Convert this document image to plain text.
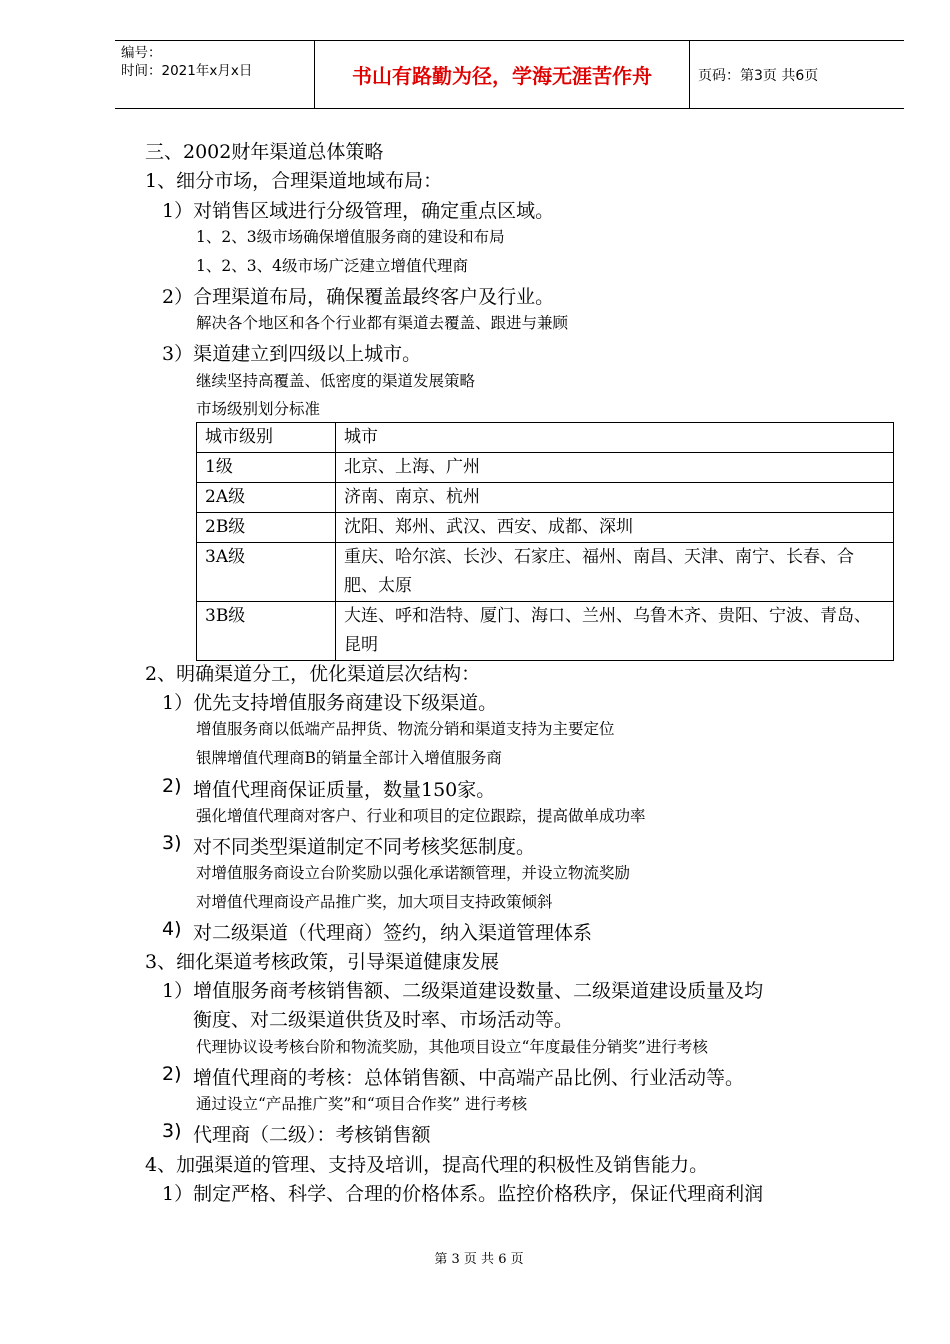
编号：
时间：2021年x月x日	书山有路勤为径，学海无涯苦作舟	页码：第3页 共6页
三、2002财年渠道总体策略
1、细分市场，合理渠道地域布局：
1）对销售区域进行分级管理，确定重点区域。
1、2、3级市场确保增值服务商的建设和布局
1、2、3、4级市场广泛建立增值代理商
2）合理渠道布局，确保覆盖最终客户及行业。
解决各个地区和各个行业都有渠道去覆盖、跟进与兼顾
3）渠道建立到四级以上城市。
继续坚持高覆盖、低密度的渠道发展策略
市场级别划分标准
城市级别	城市
1级	北京、上海、广州
2A级	济南、南京、杭州
2B级	沈阳、郑州、武汉、西安、成都、深圳
3A级	重庆、哈尔滨、长沙、石家庄、福州、南昌、天津、南宁、长春、合肥、太原
3B级	大连、呼和浩特、厦门、海口、兰州、乌鲁木齐、贵阳、宁波、青岛、昆明
2、明确渠道分工，优化渠道层次结构：
1）优先支持增值服务商建设下级渠道。
增值服务商以低端产品押货、物流分销和渠道支持为主要定位
银牌增值代理商B的销量全部计入增值服务商
2) 增值代理商保证质量，数量150家。
强化增值代理商对客户、行业和项目的定位跟踪，提高做单成功率
3) 对不同类型渠道制定不同考核奖惩制度。
对增值服务商设立台阶奖励以强化承诺额管理，并设立物流奖励
对增值代理商设产品推广奖，加大项目支持政策倾斜
4) 对二级渠道（代理商）签约，纳入渠道管理体系
3、细化渠道考核政策，引导渠道健康发展
1）增值服务商考核销售额、二级渠道建设数量、二级渠道建设质量及均
衡度、对二级渠道供货及时率、市场活动等。
代理协议设考核台阶和物流奖励，其他项目设立“年度最佳分销奖”进行考核
2) 增值代理商的考核：总体销售额、中高端产品比例、行业活动等。
通过设立“产品推广奖”和“项目合作奖” 进行考核
3) 代理商（二级）：考核销售额
4、加强渠道的管理、支持及培训，提高代理的积极性及销售能力。
1）制定严格、科学、合理的价格体系。监控价格秩序，保证代理商利润
第 3 页 共 6 页
